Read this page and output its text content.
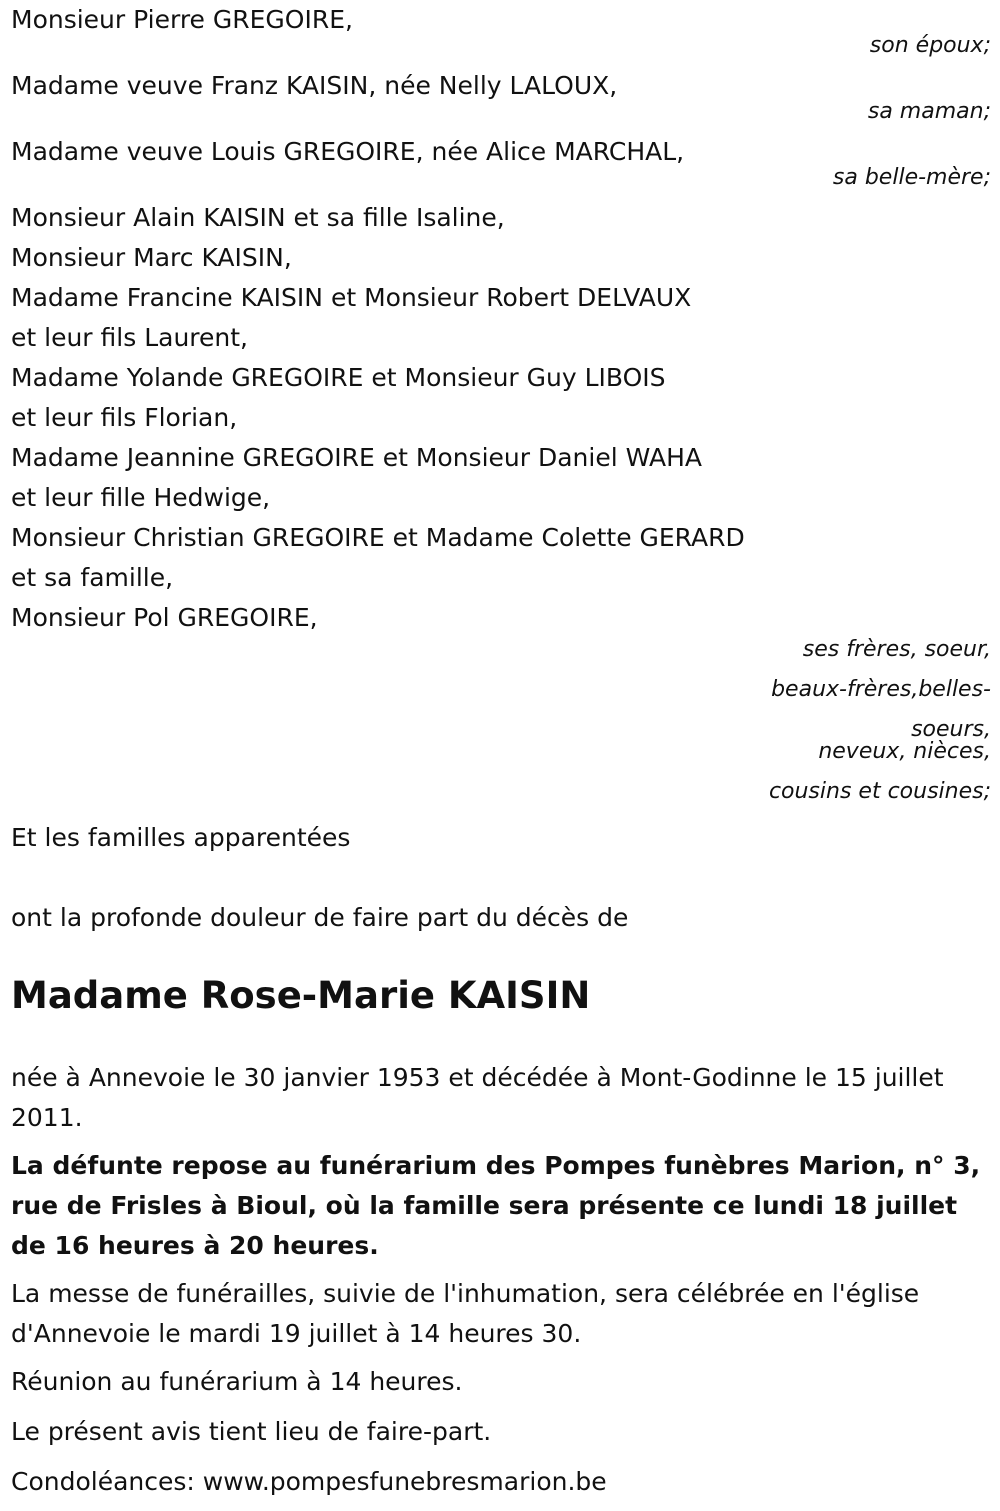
Monsieur Pierre GREGOIRE,

son époux;

Madame veuve Franz KAISIN, née Nelly LALOUX,

sa maman;

Madame veuve Louis GREGOIRE, née Alice MARCHAL,

sa belle-mère;

Monsieur Alain KAISIN et sa fille Isaline,

Monsieur Marc KAISIN,

Madame Francine KAISIN et Monsieur Robert DELVAUX

et leur fils Laurent,

Madame Yolande GREGOIRE et Monsieur Guy LIBOIS

et leur fils Florian,

Madame Jeannine GREGOIRE et Monsieur Daniel WAHA

et leur fille Hedwige,

Monsieur Christian GREGOIRE et Madame Colette GERARD

et sa famille,

Monsieur Pol GREGOIRE,

ses frères, soeur,
beaux-frères,belles-
soeurs,
neveux, nièces,
cousins et cousines;

Et les familles apparentées

ont la profonde douleur de faire part du décès de

Madame Rose-Marie KAISIN

née à Annevoie le 30 janvier 1953 et décédée à Mont-Godinne le 15 juillet 2011.

La défunte repose au funérarium des Pompes funèbres Marion, n° 3, rue de Frisles à Bioul, où la famille sera présente ce lundi 18 juillet de 16 heures à 20 heures.

La messe de funérailles, suivie de l'inhumation, sera célébrée en l'église d'Annevoie le mardi 19 juillet à 14 heures 30.

Réunion au funérarium à 14 heures.

Le présent avis tient lieu de faire-part.

Condoléances: www.pompesfunebresmarion.be
